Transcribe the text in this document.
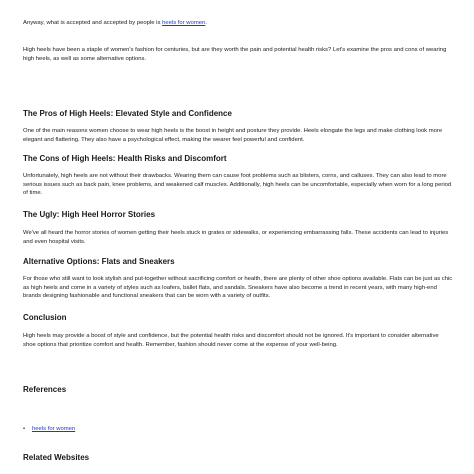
Anyway, what is accepted and accepted by people is heels for women.

High heels have been a staple of women's fashion for centuries, but are they worth the pain and potential health risks? Let's examine the pros and cons of wearing high heels, as well as some alternative options.

The Pros of High Heels: Elevated Style and Confidence

One of the main reasons women choose to wear high heels is the boost in height and posture they provide. Heels elongate the legs and make clothing look more elegant and flattering. They also have a psychological effect, making the wearer feel powerful and confident.

The Cons of High Heels: Health Risks and Discomfort

Unfortunately, high heels are not without their drawbacks. Wearing them can cause foot problems such as blisters, corns, and calluses. They can also lead to more serious issues such as back pain, knee problems, and weakened calf muscles. Additionally, high heels can be uncomfortable, especially when worn for a long period of time.

The Ugly: High Heel Horror Stories

We've all heard the horror stories of women getting their heels stuck in grates or sidewalks, or experiencing embarrassing falls. These accidents can lead to injuries and even hospital visits.

Alternative Options: Flats and Sneakers

For those who still want to look stylish and put-together without sacrificing comfort or health, there are plenty of other shoe options available. Flats can be just as chic as high heels and come in a variety of styles such as loafers, ballet flats, and sandals. Sneakers have also become a trend in recent years, with many high-end brands designing fashionable and functional sneakers that can be worn with a variety of outfits.

Conclusion

High heels may provide a boost of style and confidence, but the potential health risks and discomfort should not be ignored. It's important to consider alternative shoe options that prioritize comfort and health. Remember, fashion should never come at the expense of your well-being.

References
• heels for women
Related Websites
